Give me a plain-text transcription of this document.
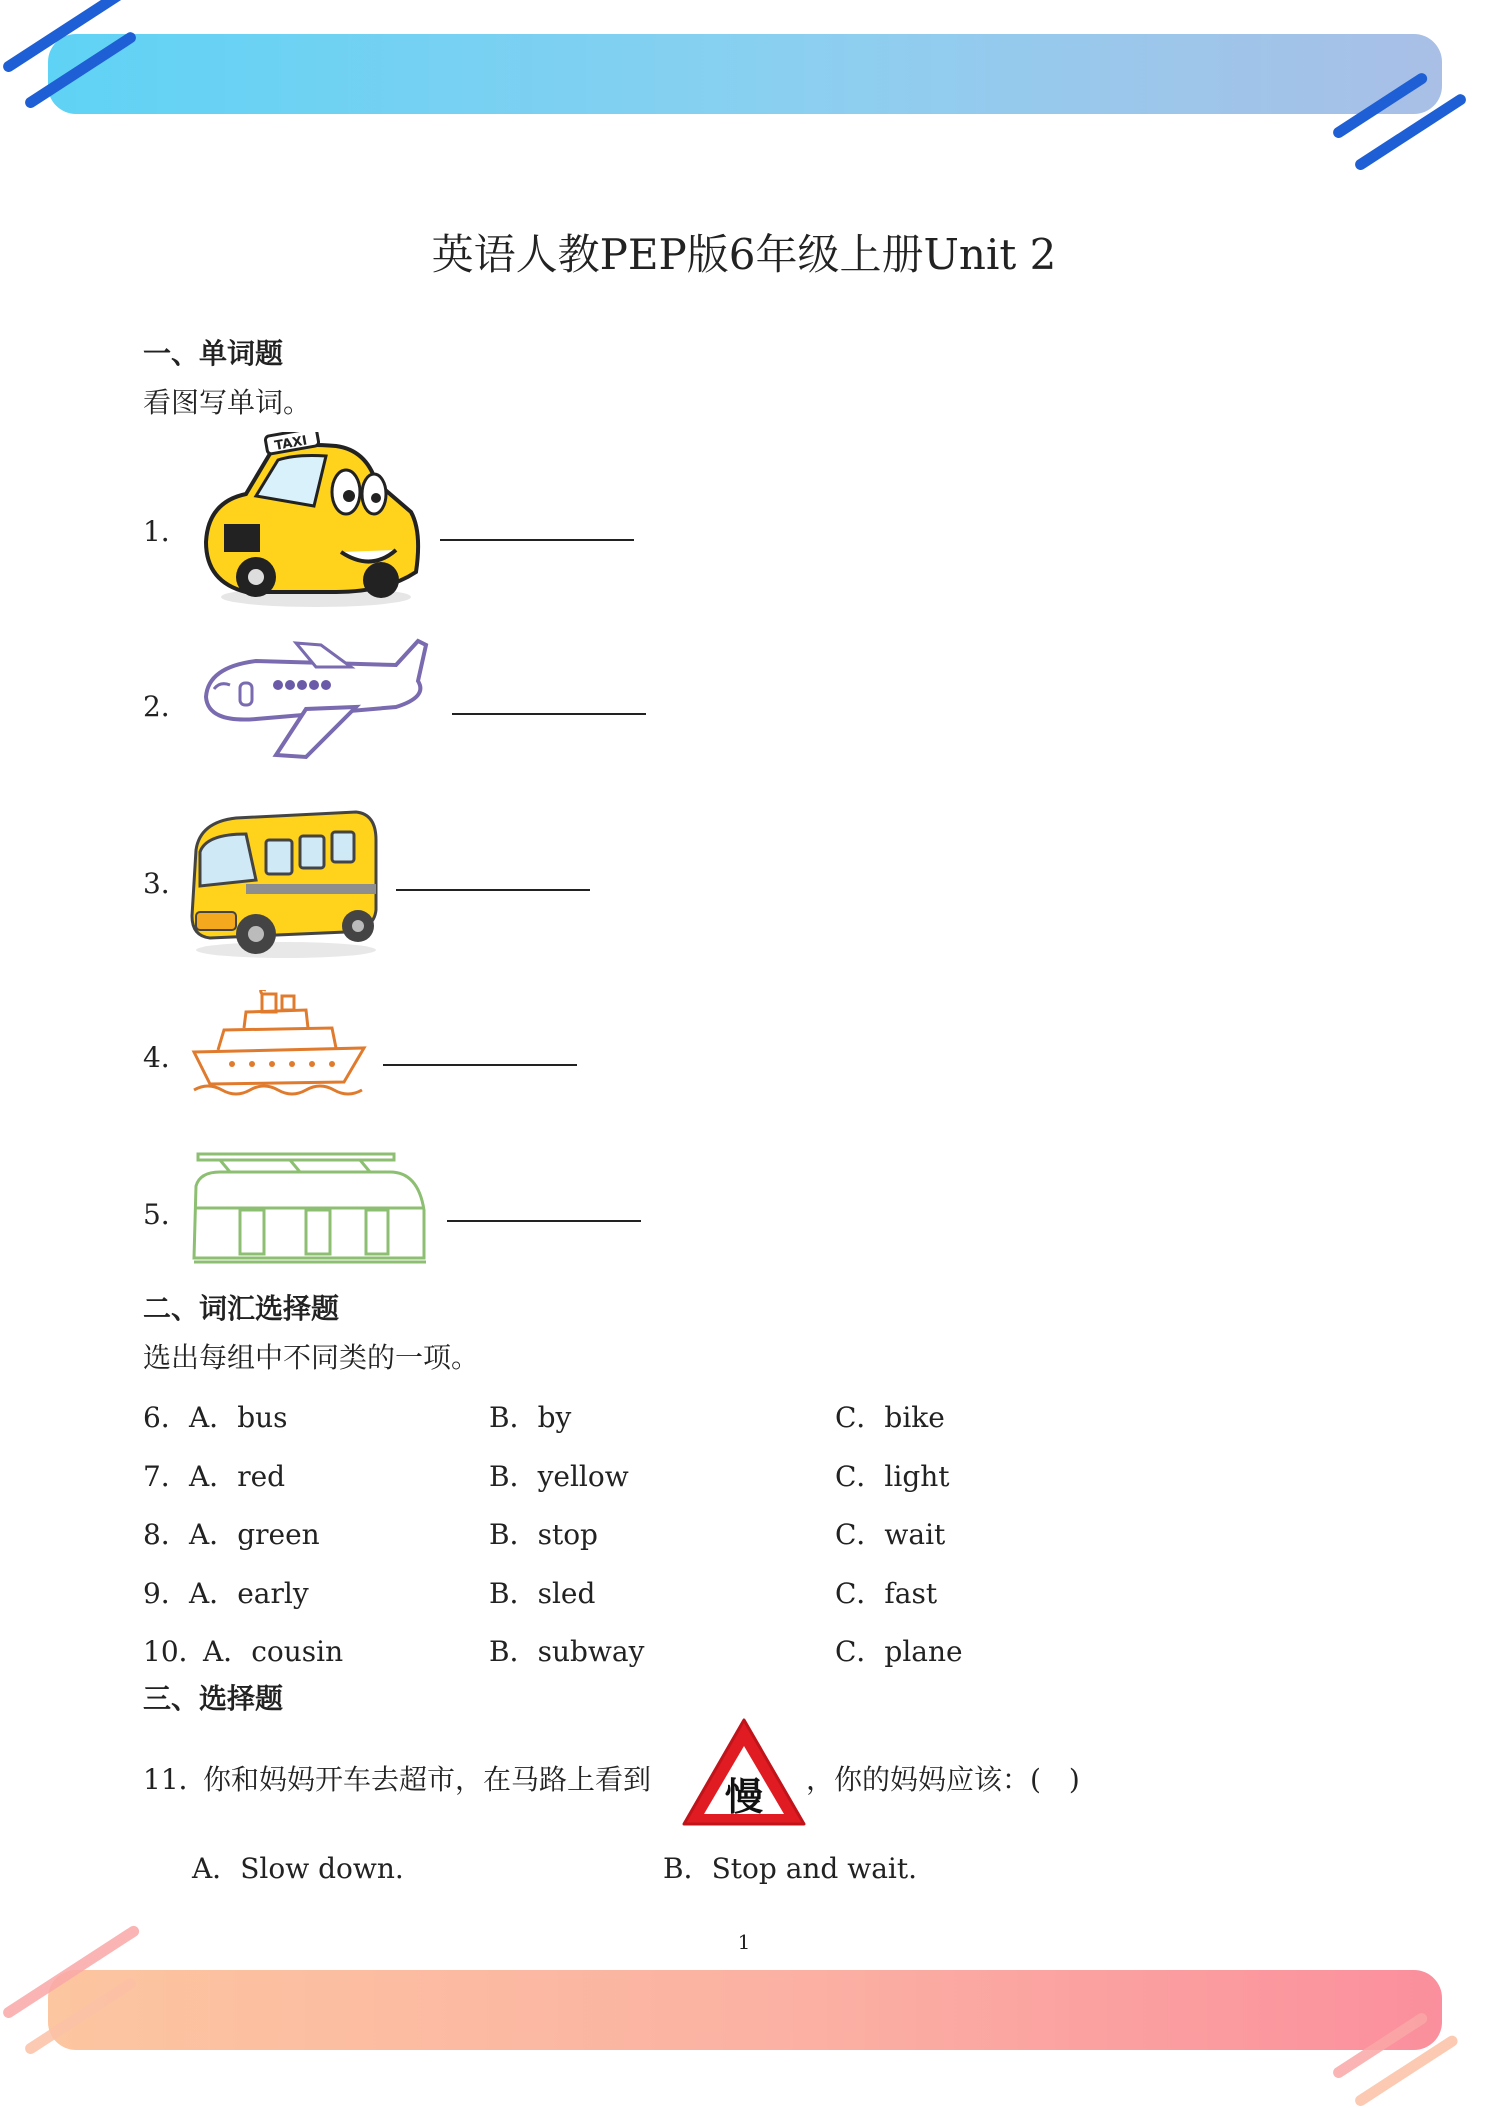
英语人教PEP版6年级上册Unit 2
一、单词题
看图写单词。
1．
TAXI
2．
3．
4．
5．
二、词汇选择题
选出每组中不同类的一项。
6． A．bus	B．by	C．bike
7． A．red	B．yellow	C．light
8． A．green	B．stop	C．wait
9． A．early	B．sled	C．fast
10．
A．cousin	B．subway	C．plane
三、选择题
11．
你和妈妈开车去超市，在马路上看到 慢 ，你的妈妈应该：(　)
A．Slow down.	B．Stop and wait.
1
